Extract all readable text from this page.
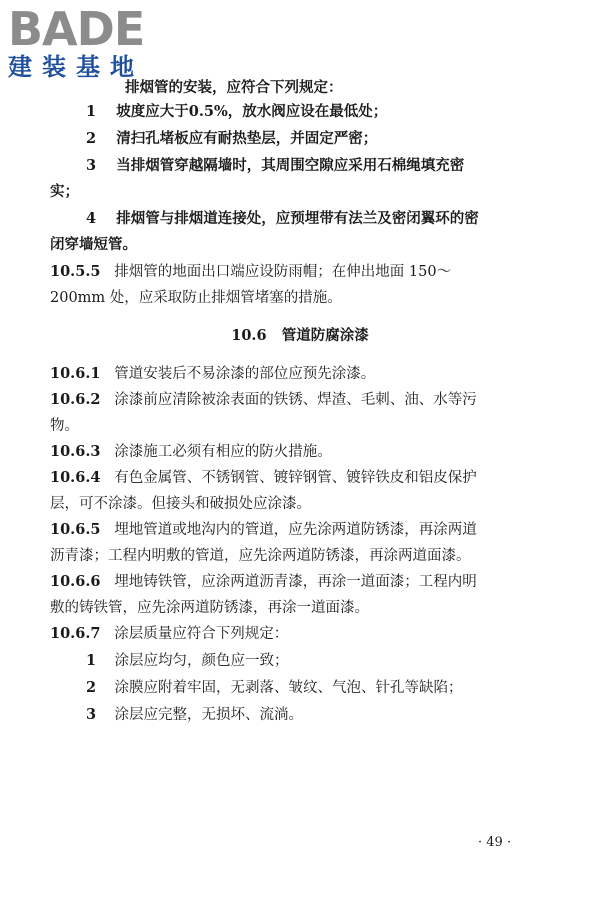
BADE
建装基地
排烟管的安装，应符合下列规定：
1 坡度应大于0.5%，放水阀应设在最低处；
2 清扫孔堵板应有耐热垫层，并固定严密；
3 当排烟管穿越隔墙时，其周围空隙应采用石棉绳填充密
实；
4 排烟管与排烟道连接处，应预埋带有法兰及密闭翼环的密
闭穿墙短管。
10.5.5 排烟管的地面出口端应设防雨帽；在伸出地面 150～
200mm 处，应采取防止排烟管堵塞的措施。
10.6 管道防腐涂漆
10.6.1 管道安装后不易涂漆的部位应预先涂漆。
10.6.2 涂漆前应清除被涂表面的铁锈、焊渣、毛刺、油、水等污
物。
10.6.3 涂漆施工必须有相应的防火措施。
10.6.4 有色金属管、不锈钢管、镀锌钢管、镀锌铁皮和铝皮保护
层，可不涂漆。但接头和破损处应涂漆。
10.6.5 埋地管道或地沟内的管道，应先涂两道防锈漆，再涂两道
沥青漆；工程内明敷的管道，应先涂两道防锈漆，再涂两道面漆。
10.6.6 埋地铸铁管，应涂两道沥青漆，再涂一道面漆；工程内明
敷的铸铁管，应先涂两道防锈漆，再涂一道面漆。
10.6.7 涂层质量应符合下列规定：
1 涂层应均匀，颜色应一致；
2 涂膜应附着牢固，无剥落、皱纹、气泡、针孔等缺陷；
3 涂层应完整，无损坏、流淌。
· 49 ·
